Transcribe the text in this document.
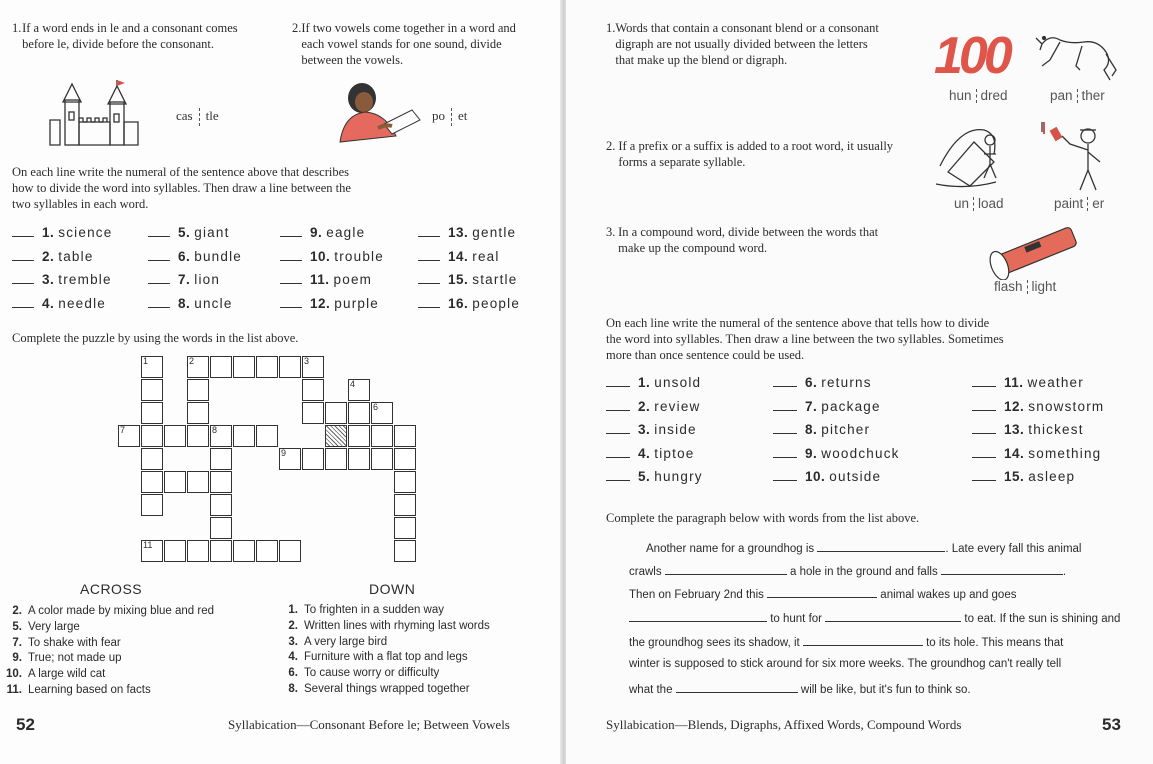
1. If a word ends in le and a consonant comes before le, divide before the consonant.
2. If two vowels come together in a word and each vowel stands for one sound, divide between the vowels.
cas tle	po et
On each line write the numeral of the sentence above that describes how to divide the word into syllables. Then draw a line between the two syllables in each word.
1. science
2. table
3. tremble
4. needle
5. giant
6. bundle
7. lion
8. uncle
9. eagle
10. trouble
11. poem
12. purple
13. gentle
14. real
15. startle
16. people
Complete the puzzle by using the words in the list above.
1	2	3
4
6
7	8
9
11
ACROSS	DOWN
2. A color made by mixing blue and red
5. Very large
7. To shake with fear
9. True; not made up
10. A large wild cat
11. Learning based on facts
1. To frighten in a sudden way
2. Written lines with rhyming last words
3. A very large bird
4. Furniture with a flat top and legs
6. To cause worry or difficulty
8. Several things wrapped together
52	Syllabication—Consonant Before le; Between Vowels
1. Words that contain a consonant blend or a consonant digraph are not usually divided between the letters that make up the blend or digraph.
2. If a prefix or a suffix is added to a root word, it usually forms a separate syllable.
3. In a compound word, divide between the words that make up the compound word.
100
hun dred	pan ther
un load	paint er
flash light
On each line write the numeral of the sentence above that tells how to divide the word into syllables. Then draw a line between the two syllables. Sometimes more than once sentence could be used.
1. unsold
2. review
3. inside
4. tiptoe
5. hungry
6. returns
7. package
8. pitcher
9. woodchuck
10. outside
11. weather
12. snowstorm
13. thickest
14. something
15. asleep
Complete the paragraph below with words from the list above.
Another name for a groundhog is	. Late every fall this animal
crawls	a hole in the ground and falls	.
Then on February 2nd this	animal wakes up and goes
to hunt for	to eat. If the sun is shining and
the groundhog sees its shadow, it	to its hole. This means that
winter is supposed to stick around for six more weeks. The groundhog can't really tell
what the	will be like, but it's fun to think so.
Syllabication—Blends, Digraphs, Affixed Words, Compound Words	53
